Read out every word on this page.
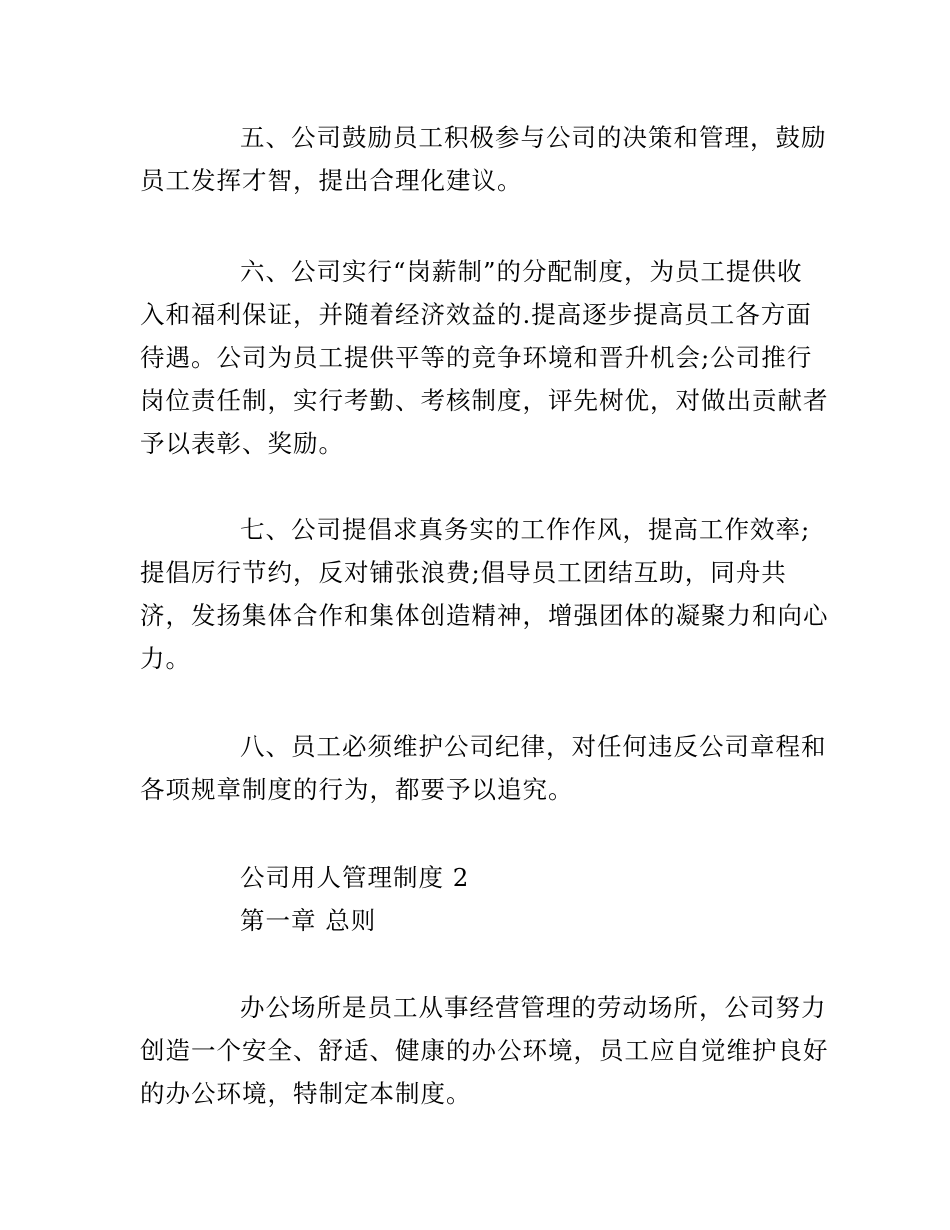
五、公司鼓励员工积极参与公司的决策和管理，鼓励
员工发挥才智，提出合理化建议。
六、公司实行“岗薪制”的分配制度，为员工提供收
入和福利保证，并随着经济效益的.提高逐步提高员工各方面
待遇。公司为员工提供平等的竞争环境和晋升机会;公司推行
岗位责任制，实行考勤、考核制度，评先树优，对做出贡献者
予以表彰、奖励。
七、公司提倡求真务实的工作作风，提高工作效率;
提倡厉行节约，反对铺张浪费;倡导员工团结互助，同舟共
济，发扬集体合作和集体创造精神，增强团体的凝聚力和向心
力。
八、员工必须维护公司纪律，对任何违反公司章程和
各项规章制度的行为，都要予以追究。
公司用人管理制度 2
第一章 总则
办公场所是员工从事经营管理的劳动场所，公司努力
创造一个安全、舒适、健康的办公环境，员工应自觉维护良好
的办公环境，特制定本制度。
